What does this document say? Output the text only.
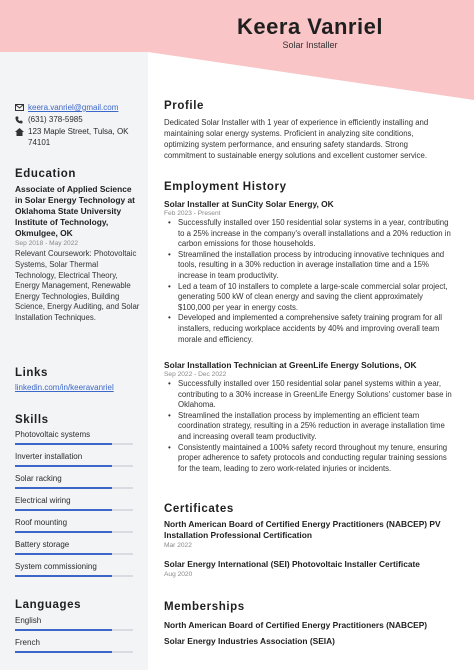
Keera Vanriel
Solar Installer
keera.vanriel@gmail.com
(631) 378-5985
123 Maple Street, Tulsa, OK 74101
Education
Associate of Applied Science in Solar Energy Technology at Oklahoma State University Institute of Technology, Okmulgee, OK
Sep 2018 - May 2022
Relevant Coursework: Photovoltaic Systems, Solar Thermal Technology, Electrical Theory, Energy Management, Renewable Energy Technologies, Building Science, Energy Auditing, and Solar Installation Techniques.
Links
linkedin.com/in/keeravanriel
Skills
Photovoltaic systems
Inverter installation
Solar racking
Electrical wiring
Roof mounting
Battery storage
System commissioning
Languages
English
French
Profile
Dedicated Solar Installer with 1 year of experience in efficiently installing and maintaining solar energy systems. Proficient in analyzing site conditions, optimizing system performance, and ensuring safety standards. Strong commitment to sustainable energy solutions and excellent customer service.
Employment History
Solar Installer at SunCity Solar Energy, OK
Feb 2023 - Present
• Successfully installed over 150 residential solar systems in a year, contributing to a 25% increase in the company's overall installations and a 20% reduction in carbon emissions for those households.
• Streamlined the installation process by introducing innovative techniques and tools, resulting in a 30% reduction in average installation time and a 15% increase in team productivity.
• Led a team of 10 installers to complete a large-scale commercial solar project, generating 500 kW of clean energy and saving the client approximately $100,000 per year in energy costs.
• Developed and implemented a comprehensive safety training program for all installers, reducing workplace accidents by 40% and improving overall team morale and efficiency.
Solar Installation Technician at GreenLife Energy Solutions, OK
Sep 2022 - Dec 2022
• Successfully installed over 150 residential solar panel systems within a year, contributing to a 30% increase in GreenLife Energy Solutions' customer base in Oklahoma.
• Streamlined the installation process by implementing an efficient team coordination strategy, resulting in a 25% reduction in average installation time and increasing overall team productivity.
• Consistently maintained a 100% safety record throughout my tenure, ensuring proper adherence to safety protocols and conducting regular training sessions for the team, leading to zero work-related injuries or incidents.
Certificates
North American Board of Certified Energy Practitioners (NABCEP) PV Installation Professional Certification
Mar 2022
Solar Energy International (SEI) Photovoltaic Installer Certificate
Aug 2020
Memberships
North American Board of Certified Energy Practitioners (NABCEP)
Solar Energy Industries Association (SEIA)
